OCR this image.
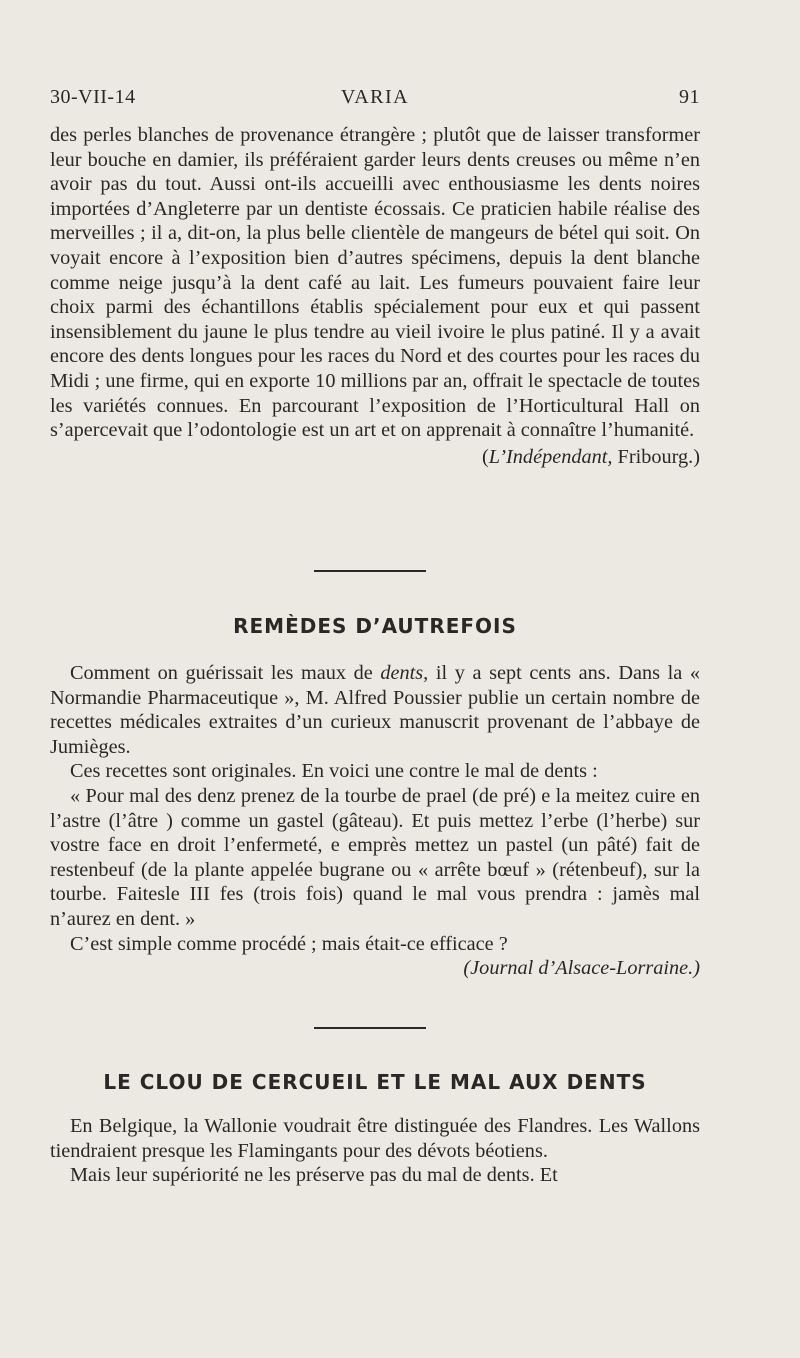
30-VII-14	VARIA	91

des perles blanches de provenance étrangère ; plutôt que de laisser transformer leur bouche en damier, ils préféraient garder leurs dents creuses ou même n’en avoir pas du tout. Aussi ont-ils accueilli avec enthousiasme les dents noires importées d’Angleterre par un dentiste écossais. Ce praticien habile réalise des merveilles ; il a, dit-on, la plus belle clientèle de mangeurs de bétel qui soit. On voyait encore à l’exposition bien d’autres spécimens, depuis la dent blanche comme neige jusqu’à la dent café au lait. Les fumeurs pouvaient faire leur choix parmi des échantillons établis spécialement pour eux et qui passent insensiblement du jaune le plus tendre au vieil ivoire le plus patiné. Il y a avait encore des dents longues pour les races du Nord et des courtes pour les races du Midi ; une firme, qui en exporte 10 millions par an, offrait le spectacle de toutes les variétés connues. En parcourant l’exposition de l’Horticultural Hall on s’apercevait que l’odontologie est un art et on apprenait à connaître l’humanité.

(L’Indépendant, Fribourg.)

REMÈDES D’AUTREFOIS

Comment on guérissait les maux de dents, il y a sept cents ans. Dans la « Normandie Pharmaceutique », M. Alfred Poussier publie un certain nombre de recettes médicales extraites d’un curieux manuscrit provenant de l’abbaye de Jumièges.

Ces recettes sont originales. En voici une contre le mal de dents :

« Pour mal des denz prenez de la tourbe de prael (de pré) e la meitez cuire en l’astre (l’âtre ) comme un gastel (gâteau). Et puis mettez l’erbe (l’herbe) sur vostre face en droit l’enfermeté, e emprès mettez un pastel (un pâté) fait de restenbeuf (de la plante appelée bugrane ou « arrête bœuf » (rétenbeuf), sur la tourbe. Faitesle III fes (trois fois) quand le mal vous prendra : jamès mal n’aurez en dent. »

C’est simple comme procédé ; mais était-ce efficace ?

(Journal d’Alsace-Lorraine.)

LE CLOU DE CERCUEIL ET LE MAL AUX DENTS

En Belgique, la Wallonie voudrait être distinguée des Flandres. Les Wallons tiendraient presque les Flamingants pour des dévots béotiens.

Mais leur supériorité ne les préserve pas du mal de dents. Et
